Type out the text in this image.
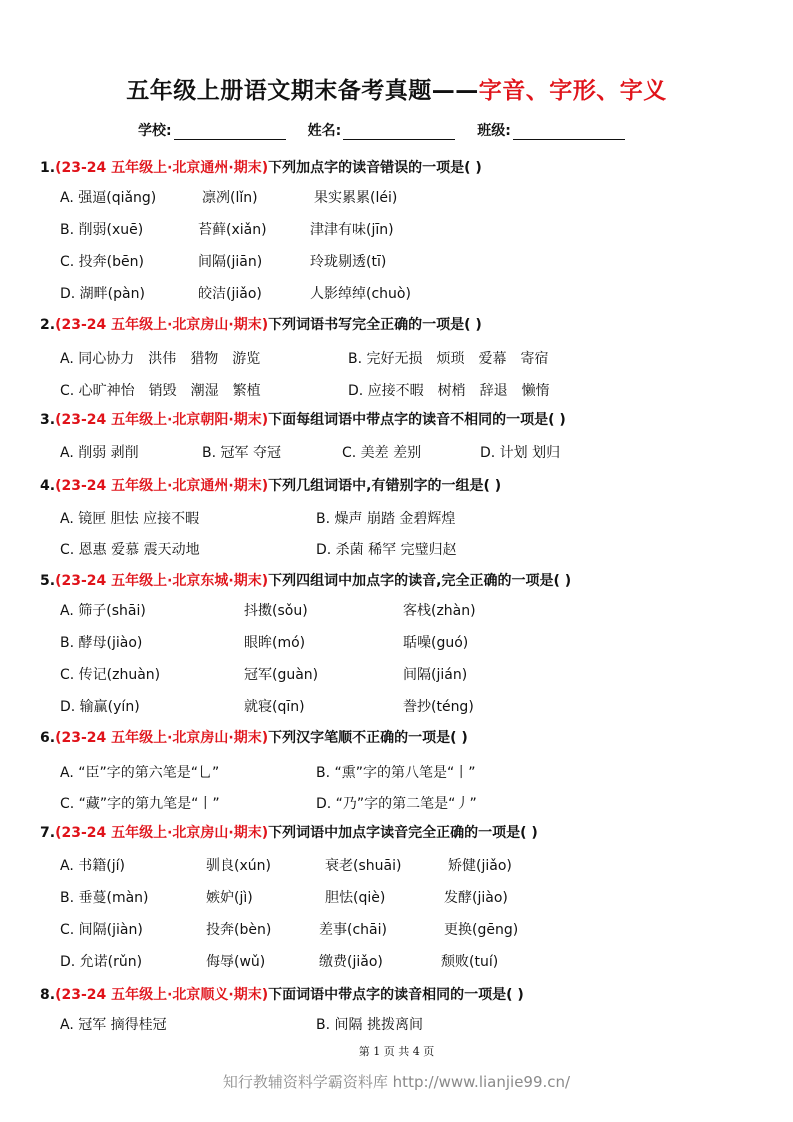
五年级上册语文期末备考真题——字音、字形、字义
学校:	姓名:	班级:
1.(23-24 五年级上·北京通州·期末)下列加点字的读音错误的一项是( )
A. 强逼(qiǎng)	凛冽(lǐn)	果实累累(léi)
B. 削弱(xuē)	苔藓(xiǎn)	津津有味(jīn)
C. 投奔(bēn)	间隔(jiān)	玲珑剔透(tī)
D. 湖畔(pàn)	皎洁(jiǎo)	人影绰绰(chuò)
2.(23-24 五年级上·北京房山·期末)下列词语书写完全正确的一项是( )
A. 同心协力　洪伟　猎物　游览	B. 完好无损　烦琐　爱幕　寄宿
C. 心旷神怡　销毁　潮湿　繁植	D. 应接不暇　树梢　辞退　懒惰
3.(23-24 五年级上·北京朝阳·期末)下面每组词语中带点字的读音不相同的一项是( )
A. 削弱 剥削	B. 冠军 夺冠	C. 美差 差别	D. 计划 划归
4.(23-24 五年级上·北京通州·期末)下列几组词语中,有错别字的一组是( )
A. 镜匣 胆怯 应接不暇	B. 燥声 崩踏 金碧辉煌
C. 恩惠 爱慕 震天动地	D. 杀菌 稀罕 完璧归赵
5.(23-24 五年级上·北京东城·期末)下列四组词中加点字的读音,完全正确的一项是( )
A. 筛子(shāi)	抖擞(sǒu)	客栈(zhàn)
B. 酵母(jiào)	眼眸(mó)	聒噪(guó)
C. 传记(zhuàn)	冠军(guàn)	间隔(jián)
D. 输赢(yín)	就寝(qīn)	誊抄(téng)
6.(23-24 五年级上·北京房山·期末)下列汉字笔顺不正确的一项是( )
A. “臣”字的第六笔是“乚”	B. “熏”字的第八笔是“丨”
C. “藏”字的第九笔是“丨”	D. “乃”字的第二笔是“丿”
7.(23-24 五年级上·北京房山·期末)下列词语中加点字读音完全正确的一项是( )
A. 书籍(jí)	驯良(xún)	衰老(shuāi)	矫健(jiǎo)
B. 垂蔓(màn)	嫉妒(jì)	胆怯(qiè)	发酵(jiào)
C. 间隔(jiàn)	投奔(bèn)	差事(chāi)	更换(gēng)
D. 允诺(rǔn)	侮辱(wǔ)	缴费(jiǎo)	颓败(tuí)
8.(23-24 五年级上·北京顺义·期末)下面词语中带点字的读音相同的一项是( )
A. 冠军 摘得桂冠	B. 间隔 挑拨离间
第 1 页 共 4 页
知行教辅资料学霸资料库 http://www.lianjie99.cn/
